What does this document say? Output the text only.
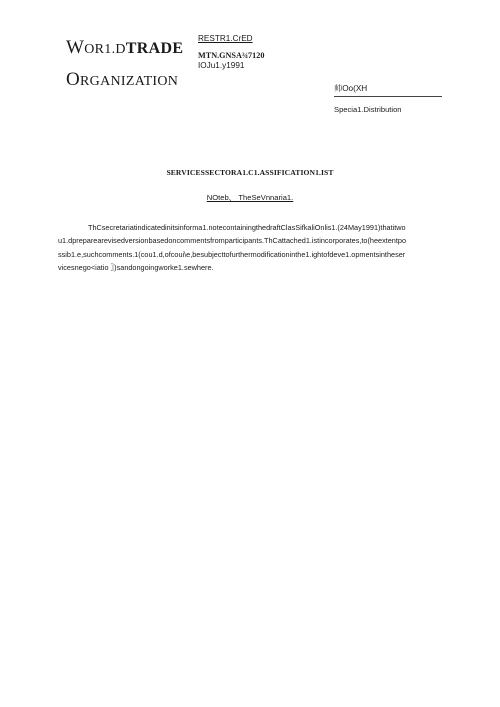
WOR1.DTRADE
ORGANIZATION
RESTR1.CrED
MTN.GNSA¾7120
IOJu1.y1991
帅Oo(XH
Specia1.Distribution
SERVICESSECTORA1.C1.ASSIFICATION1.IST
NOteb、 TheSeVnnaria1.
ThCsecretariatindicatedinitsinforma1.notecontainingthedraftClasSifkaliOnlis1.(24May1991)thatitwo
u1.dpreparearevisedversionbasedoncommentsfromparticipants.ThCattached1.istincorporates,to(heextentpo
ssib1.e,suchcomments.1(cou1.d,ofcoui\e,besubjecttofurthermodificationinthe1.ightofdeve1.opmentsintheser
vicesnego<iatio 〗)sandongoingworke1.sewhere.
